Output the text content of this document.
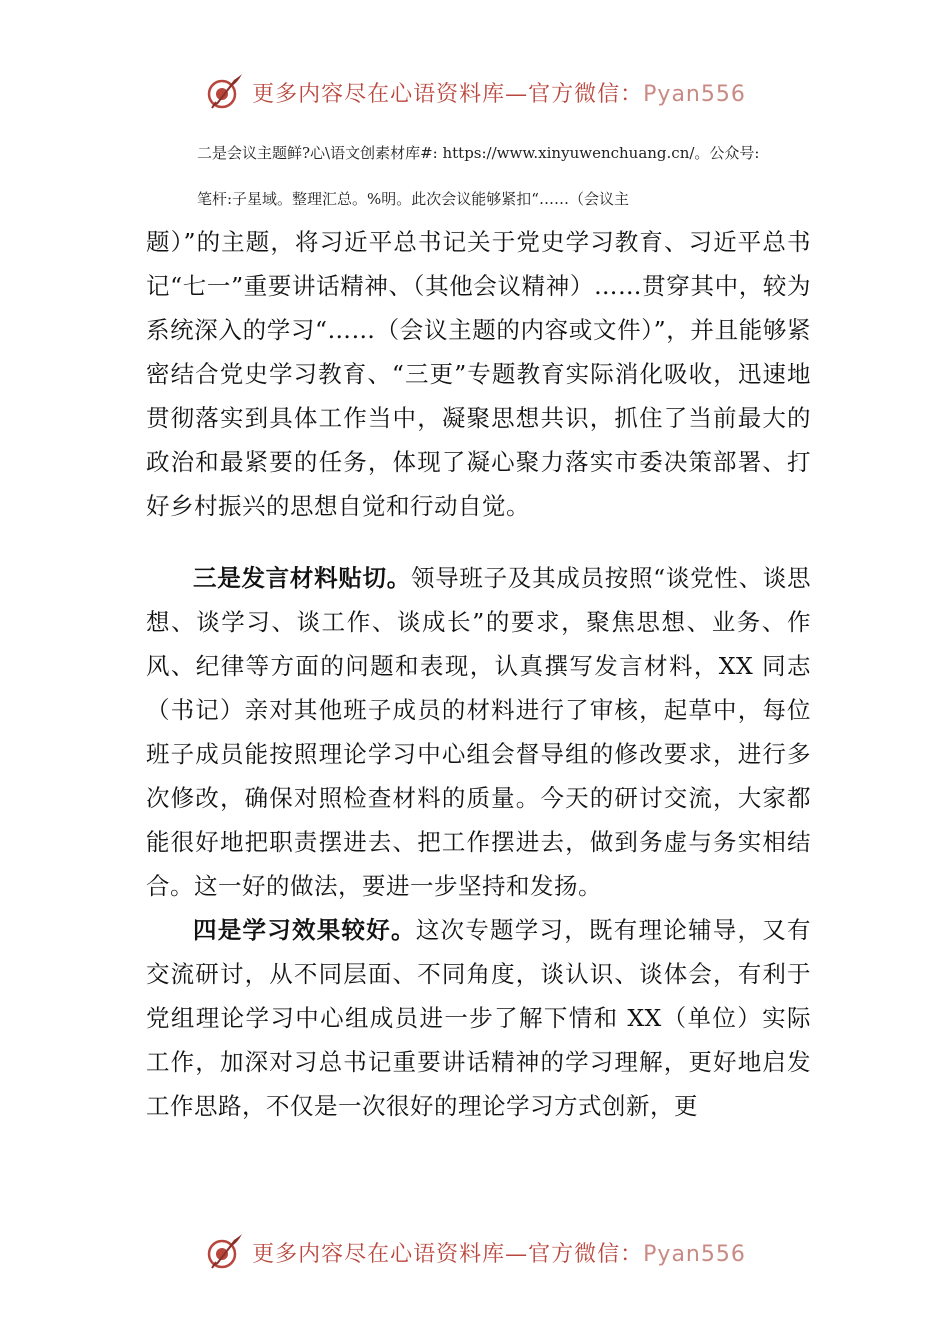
更多内容尽在心语资料库—官方微信：Pyan556
二是会议主题鲜?心\语文创素材库#: https://www.xinyuwenchuang.cn/。公众号:
笔杆:子星域。整理汇总。%明。此次会议能够紧扣“……（会议主

题）”的主题，将习近平总书记关于党史学习教育、习近平总书记“七一”重要讲话精神、（其他会议精神）……贯穿其中，较为系统深入的学习“……（会议主题的内容或文件）”，并且能够紧密结合党史学习教育、“三更”专题教育实际消化吸收，迅速地贯彻落实到具体工作当中，凝聚思想共识，抓住了当前最大的政治和最紧要的任务，体现了凝心聚力落实市委决策部署、打好乡村振兴的思想自觉和行动自觉。

三是发言材料贴切。领导班子及其成员按照“谈党性、谈思想、谈学习、谈工作、谈成长”的要求，聚焦思想、业务、作风、纪律等方面的问题和表现，认真撰写发言材料，XX 同志（书记）亲对其他班子成员的材料进行了审核，起草中，每位班子成员能按照理论学习中心组会督导组的修改要求，进行多次修改，确保对照检查材料的质量。今天的研讨交流，大家都能很好地把职责摆进去、把工作摆进去，做到务虚与务实相结合。这一好的做法，要进一步坚持和发扬。

四是学习效果较好。这次专题学习，既有理论辅导，又有交流研讨，从不同层面、不同角度，谈认识、谈体会，有利于党组理论学习中心组成员进一步了解下情和 XX（单位）实际工作，加深对习总书记重要讲话精神的学习理解，更好地启发工作思路，不仅是一次很好的理论学习方式创新，更

更多内容尽在心语资料库—官方微信：Pyan556
